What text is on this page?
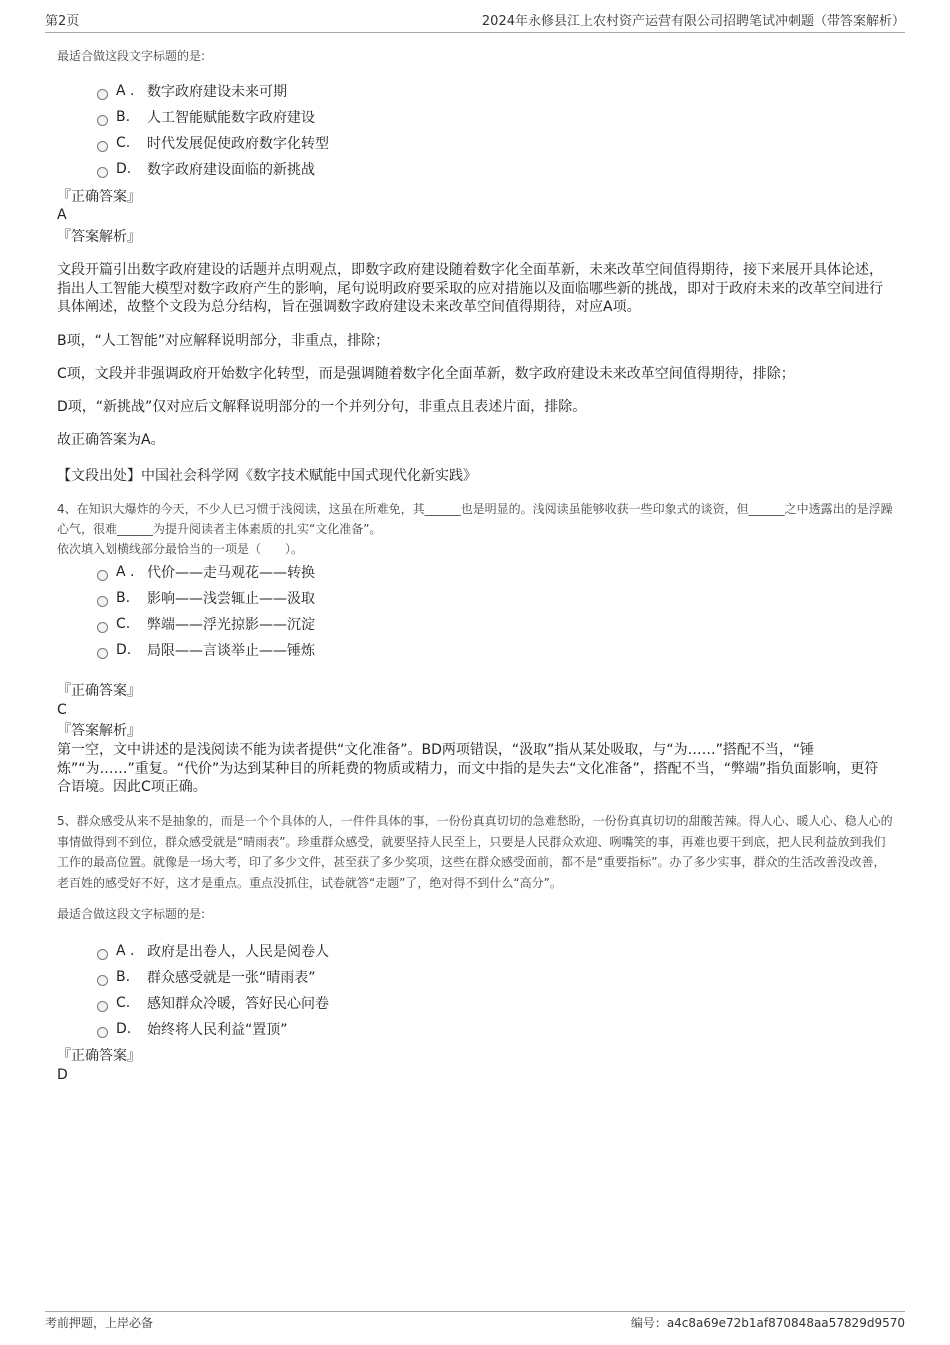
第2页	2024年永修县江上农村资产运营有限公司招聘笔试冲刺题（带答案解析）
最适合做这段文字标题的是:
A . 数字政府建设未来可期
B.	人工智能赋能数字政府建设
C.	时代发展促使政府数字化转型
D.	数字政府建设面临的新挑战
『正确答案』
A
『答案解析』
文段开篇引出数字政府建设的话题并点明观点，即数字政府建设随着数字化全面革新，未来改革空间值得期待，接下来展开具体论述，指出人工智能大模型对数字政府产生的影响，尾句说明政府要采取的应对措施以及面临哪些新的挑战，即对于政府未来的改革空间进行具体阐述，故整个文段为总分结构，旨在强调数字政府建设未来改革空间值得期待，对应A项。
B项，“人工智能”对应解释说明部分，非重点，排除；
C项，文段并非强调政府开始数字化转型，而是强调随着数字化全面革新，数字政府建设未来改革空间值得期待，排除；
D项，“新挑战”仅对应后文解释说明部分的一个并列分句，非重点且表述片面，排除。
故正确答案为A。
【文段出处】中国社会科学网《数字技术赋能中国式现代化新实践》
4、在知识大爆炸的今天，不少人已习惯于浅阅读，这虽在所难免，其______也是明显的。浅阅读虽能够收获一些印象式的谈资，但______之中透露出的是浮躁心气，很难______为提升阅读者主体素质的扎实“文化准备”。
依次填入划横线部分最恰当的一项是（　　）。
A . 代价——走马观花——转换
B.	影响——浅尝辄止——汲取
C.	弊端——浮光掠影——沉淀
D.	局限——言谈举止——锤炼
『正确答案』
C
『答案解析』
第一空，文中讲述的是浅阅读不能为读者提供“文化准备”。BD两项错误，“汲取”指从某处吸取，与“为……”搭配不当，“锤炼”“为……”重复。“代价”为达到某种目的所耗费的物质或精力，而文中指的是失去“文化准备”，搭配不当，“弊端”指负面影响，更符合语境。因此C项正确。
5、群众感受从来不是抽象的，而是一个个具体的人，一件件具体的事，一份份真真切切的急难愁盼，一份份真真切切的甜酸苦辣。得人心、暖人心、稳人心的事情做得到不到位，群众感受就是“晴雨表”。珍重群众感受，就要坚持人民至上，只要是人民群众欢迎、咧嘴笑的事，再难也要干到底，把人民利益放到我们工作的最高位置。就像是一场大考，印了多少文件，甚至获了多少奖项，这些在群众感受面前，都不是“重要指标”。办了多少实事，群众的生活改善没改善，老百姓的感受好不好，这才是重点。重点没抓住，试卷就答“走题”了，绝对得不到什么“高分”。
最适合做这段文字标题的是:
A . 政府是出卷人，人民是阅卷人
B.	群众感受就是一张“晴雨表”
C.	感知群众冷暖，答好民心问卷
D.	始终将人民利益“置顶”
『正确答案』
D
考前押题，上岸必备	编号：a4c8a69e72b1af870848aa57829d9570
